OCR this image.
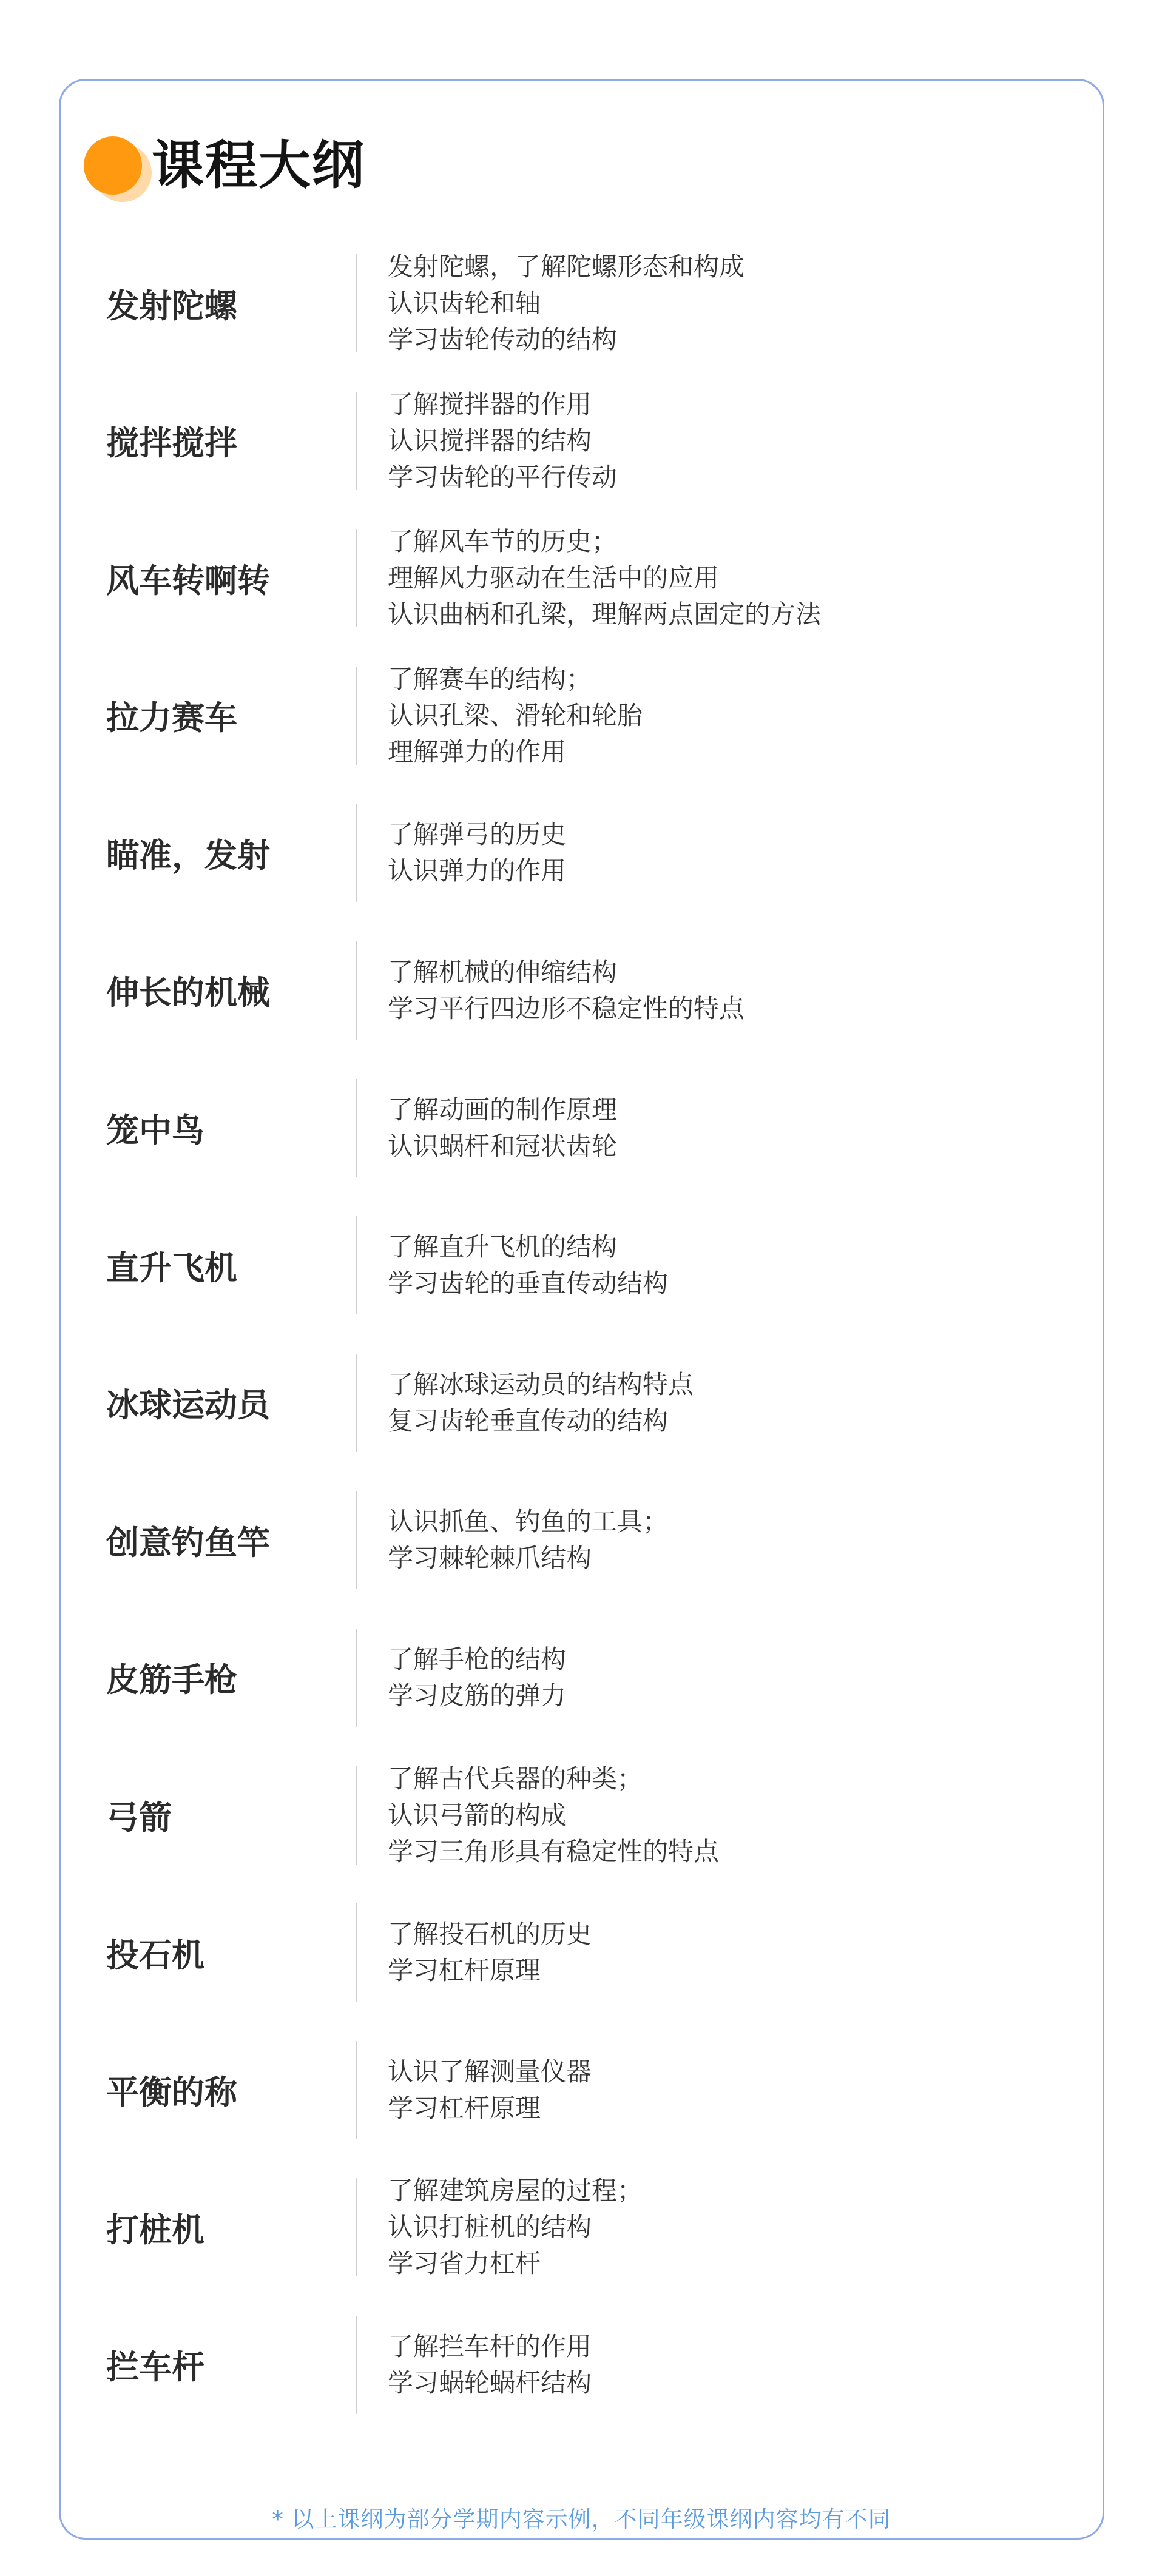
课程大纲
发射陀螺
发射陀螺，了解陀螺形态和构成
认识齿轮和轴
学习齿轮传动的结构
搅拌搅拌
了解搅拌器的作用
认识搅拌器的结构
学习齿轮的平行传动
风车转啊转
了解风车节的历史；
理解风力驱动在生活中的应用
认识曲柄和孔梁，理解两点固定的方法
拉力赛车
了解赛车的结构；
认识孔梁、滑轮和轮胎
理解弹力的作用
瞄准，发射
了解弹弓的历史
认识弹力的作用
伸长的机械
了解机械的伸缩结构
学习平行四边形不稳定性的特点
笼中鸟
了解动画的制作原理
认识蜗杆和冠状齿轮
直升飞机
了解直升飞机的结构
学习齿轮的垂直传动结构
冰球运动员
了解冰球运动员的结构特点
复习齿轮垂直传动的结构
创意钓鱼竿
认识抓鱼、钓鱼的工具；
学习棘轮棘爪结构
皮筋手枪
了解手枪的结构
学习皮筋的弹力
弓箭
了解古代兵器的种类；
认识弓箭的构成
学习三角形具有稳定性的特点
投石机
了解投石机的历史
学习杠杆原理
平衡的称
认识了解测量仪器
学习杠杆原理
打桩机
了解建筑房屋的过程；
认识打桩机的结构
学习省力杠杆
拦车杆
了解拦车杆的作用
学习蜗轮蜗杆结构
* 以上课纲为部分学期内容示例，不同年级课纲内容均有不同
